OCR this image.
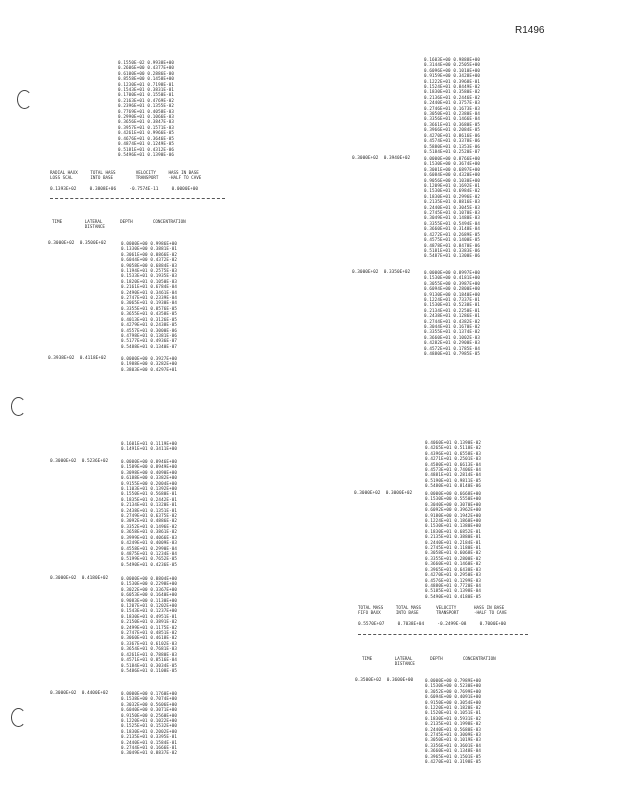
R1496
0.1550E-02 0.9938E+00
0.2606E+00 0.4377E+00
0.6100E+00 0.2886E-00
0.8558E+00 0.1458E+00
0.1230E+01 0.7198E-01
0.1543E+01 0.3831E-01
0.1700E+01 0.1550E-01
0.2163E+01 0.4769E-02
0.2396E+01 0.1355E-02
0.7769E+01 0.4058E-03
0.2990E+01 0.1066E-03
0.3656E+01 0.3847E-03
0.3957E+01 0.1571E-03
0.4261E+01 0.9966E-05
0.4676E+01 0.3646E-05
0.4874E+01 0.1249E-05
0.5181E+01 0.4312E-06
0.5496E+01 0.1390E-06
RADIAL HAXX     TOTAL HASS        VELOCITY     HASS IN BASE
LOSS SCAL       INTO BASE         TRANSPORT    -HALF TO CAVE
0.1393E+02     0.3808E+06     -0.7574E-11     0.0000E+00
TIME         LATERAL       DEPTH        CONCENTRATION
DISTANCE
0.3000E+02  0.3500E+02	0.0000E+00 0.9986E+00
0.1330E+00 0.3881E-01
0.3061E+00 0.8866E-02
0.6044E+00 0.4372E-02
0.9058E+00 0.6884E-03
0.1194E+01 0.2575E-03
0.1533E+01 0.1935E-03
0.1820E+01 0.1050E-03
0.2161E+01 0.6784E-04
0.2490E+01 0.3461E-04
0.2747E+01 0.2339E-04
0.3065E+01 0.1930E-04
0.3355E+01 0.8576E-05
0.3655E+01 0.4358E-05
0.4013E+01 0.3126E-05
0.4279E+01 0.2438E-05
0.4557E+01 0.3000E-06
0.4798E+01 0.1381E-06
0.5177E+01 0.4936E-07
0.5488E+01 0.1340E-07
0.3938E+02  0.4118E+02	0.0000E+00 0.3927E+00
0.1988E+00 0.3282E+00
0.3803E+00 0.4297E+01
0.1601E+01 0.1119E+00
0.1491E+01 0.3411E+00
0.3000E+02  0.5236E+02	0.0000E+00 0.8946E+00
0.1589E+00 0.8949E+00
0.3098E+00 0.4090E+00
0.6188E+00 0.3382E+00
0.9155E+00 0.2004E+00
0.1103E+01 0.1392E+00
0.1550E+01 0.5680E-01
0.1835E+01 0.2442E-01
0.2134E+01 0.1320E-01
0.2438E+01 0.1351E-01
0.2749E+01 0.6375E-02
0.3092E+01 0.4886E-02
0.3352E+01 0.1496E-02
0.3658E+01 0.3861E-02
0.3999E+01 0.4066E-03
0.4249E+01 0.4009E-03
0.4558E+01 0.2990E-04
0.4875E+01 0.1234E-04
0.5199E+01 0.7652E-05
0.5490E+01 0.4236E-05
0.3000E+02  0.4180E+02	0.0000E+00 0.8804E+00
0.1530E+00 0.2298E+00
0.3022E+00 0.3367E+00
0.6053E+00 0.1640E+00
0.9083E+00 0.1130E+00
0.1207E+01 0.1202E+00
0.1543E+01 0.1237E+00
0.1830E+01 0.4951E-01
0.2150E+01 0.3891E-02
0.2499E+01 0.1175E-02
0.2747E+01 0.4851E-02
0.3060E+01 0.4618E-02
0.3367E+01 0.6102E-03
0.3654E+01 0.7681E-03
0.4261E+01 0.7880E-03
0.4571E+01 0.8516E-04
0.5184E+01 0.3034E-05
0.5486E+01 0.1108E-05
0.3000E+02  0.4400E+02	0.0000E+00 0.1760E+00
0.1538E+00 0.7074E+00
0.3032E+00 0.5606E+00
0.6040E+00 0.3071E+00
0.9150E+00 0.2560E+00
0.1220E+01 0.1022E+00
0.1525E+01 0.1532E+00
0.1830E+01 0.2002E+00
0.2135E+01 0.3395E-01
0.2440E+01 0.1584E-01
0.2744E+01 0.1666E-01
0.3049E+01 0.8837E-02
0.1603E+00 0.9888E+00
0.3144E+00 0.2505E+00
0.6096E+00 0.1010E+00
0.9159E+00 0.3428E+00
0.1222E+01 0.3968E-01
0.1524E+01 0.8449E-02
0.1830E+01 0.3580E-02
0.2136E+01 0.2446E-02
0.2440E+01 0.3757E-03
0.2746E+01 0.1673E-03
0.3050E+01 0.2380E-04
0.3356E+01 0.1466E-04
0.3661E+01 0.3680E-05
0.3966E+01 0.2084E-05
0.4270E+01 0.8616E-06
0.4574E+01 0.3378E-06
0.5880E+01 0.1353E-06
0.5184E+01 0.2520E-07
0.3000E+02  0.3940E+02	0.0000E+00 0.8766E+00
0.1530E+00 0.3674E+00
0.3001E+00 0.6897E+00
0.6084E+00 0.4320E+00
0.9056E+00 0.1030E+00
0.1209E+01 0.1692E-01
0.1530E+01 0.6984E-02
0.1830E+01 0.2996E-02
0.2135E+01 0.8816E-03
0.2440E+01 0.3045E-03
0.2745E+01 0.1070E-03
0.3049E+01 0.1480E-03
0.3355E+01 0.5494E-04
0.3660E+01 0.3148E-04
0.4272E+01 0.2689E-05
0.4575E+01 0.1400E-05
0.4878E+01 0.8470E-06
0.5181E+01 0.3383E-06
0.5487E+01 0.1300E-06
0.3000E+02  0.3350E+02	0.0000E+00 0.8997E+00
0.1530E+00 0.4181E+00
0.3055E+00 0.3987E+00
0.6094E+00 0.2800E+00
0.9130E+00 0.1840E+00
0.1224E+01 0.7337E-01
0.1530E+01 0.5238E-01
0.2134E+01 0.2250E-01
0.2438E+01 0.1286E-01
0.2744E+01 0.4382E-02
0.3044E+01 0.1670E-02
0.3355E+01 0.1374E-02
0.3660E+01 0.1002E-03
0.4282E+01 0.2900E-03
0.4572E+01 0.1785E-04
0.4880E+01 0.7985E-05
0.4060E+01 0.1390E-02
0.4265E+01 0.5118E-02
0.4396E+01 0.6558E-03
0.4271E+01 0.2501E-03
0.4580E+01 0.6613E-04
0.4573E+01 0.7406E-04
0.4881E+01 0.2814E-04
0.5190E+01 0.9811E-05
0.5480E+01 0.8140E-06
0.3000E+02  0.3000E+02	0.0000E+00 0.6668E+00
0.1530E+00 0.5550E+00
0.3040E+00 0.3070E+00
0.6092E+00 0.3962E+00
0.9180E+00 0.1942E+00
0.1224E+01 0.1860E+00
0.1530E+01 0.1380E+00
0.1830E+01 0.6852E-01
0.2135E+01 0.3880E-01
0.2440E+01 0.2184E-01
0.2745E+01 0.1180E-01
0.3058E+01 0.6068E-02
0.3355E+01 0.2800E-02
0.3660E+01 0.1460E-02
0.3965E+01 0.6430E-03
0.4270E+01 0.2950E-03
0.4576E+01 0.1299E-03
0.4880E+01 0.7720E-04
0.5185E+01 0.1398E-04
0.5490E+01 0.4180E-05
TOTAL MASS     TOTAL MASS      VELOCITY       HASS IN BASE
FIFO BAXX      INTO BASE       TRANSPORT      -HALF TO CAVE
0.5570E+07     0.7038E+04     -0.2499E-08     0.7000E+00
TIME         LATERAL       DEPTH        CONCENTRATION
DISTANCE
0.3500E+02  0.3600E+00	0.0000E+00 0.7989E+00
0.1530E+00 0.5230E+00
0.3052E+00 0.7699E+00
0.6094E+00 0.4091E+00
0.9150E+00 0.3054E+00
0.1220E+01 0.1820E-02
0.1520E+01 0.1051E-01
0.1830E+01 0.5931E-02
0.2135E+01 0.1998E-02
0.2440E+01 0.5680E-03
0.2745E+01 0.3009E-03
0.3050E+01 0.1019E-03
0.3356E+01 0.3601E-04
0.3660E+01 0.1348E-04
0.3965E+01 0.1501E-05
0.4270E+01 0.3198E-05
